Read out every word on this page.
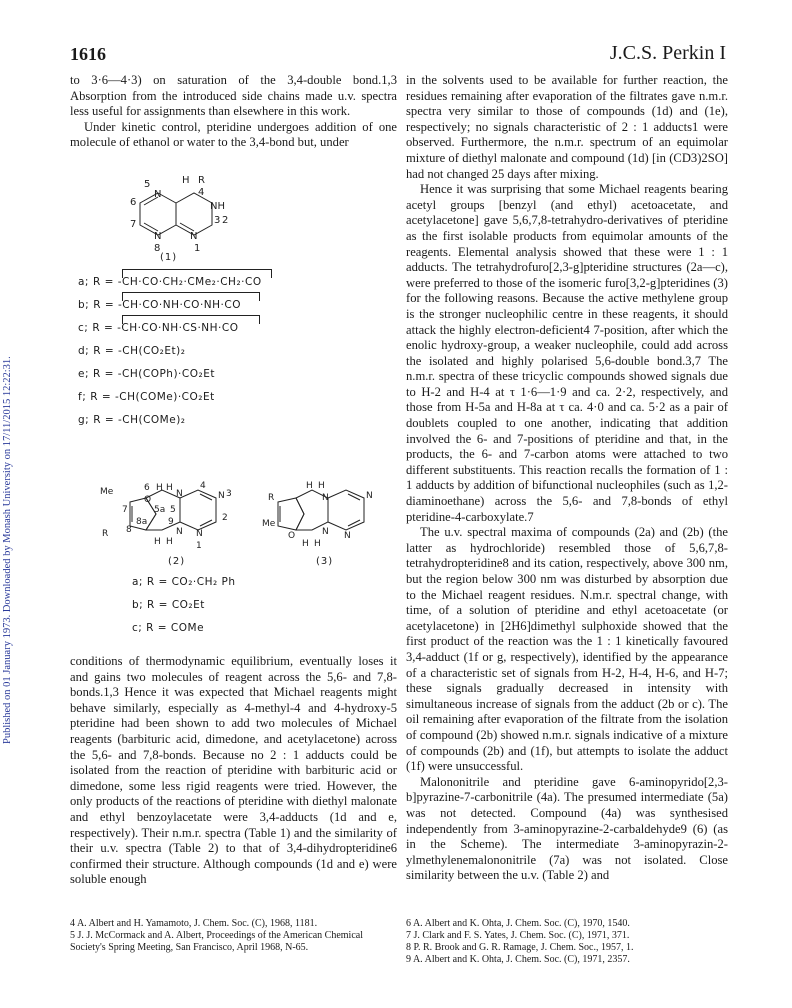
1616	J.C.S. Perkin I
Published on 01 January 1973. Downloaded by Monash University on 17/11/2015 12:22:31.

to 3·6—4·3) on saturation of the 3,4-double bond.1,3 Absorption from the introduced side chains made u.v. spectra less useful for assignments than elsewhere in this work.

Under kinetic control, pteridine undergoes addition of one molecule of ethanol or water to the 3,4-bond but, under

H R
5
N	4
NH
6
3 2
7
N	N
8	1
(1)
a; R = -CH·CO·CH₂·CMe₂·CH₂·CO
b; R = -CH·CO·NH·CO·NH·CO
c; R = -CH·CO·NH·CS·NH·CO
d; R = -CH(CO₂Et)₂
e; R = -CH(COPh)·CO₂Et
f; R = -CH(COMe)·CO₂Et
g; R = -CH(COMe)₂
Me	6 H H
O
N
4
N 3
7	5a 5
8a 9	2
R 8	N N
H H	1
(2)
R
H H
N	N
Me
O	N N
H H
(3)
a; R = CO₂·CH₂ Ph
b; R = CO₂Et
c; R = COMe

conditions of thermodynamic equilibrium, eventually loses it and gains two molecules of reagent across the 5,6- and 7,8-bonds.1,3 Hence it was expected that Michael reagents might behave similarly, especially as 4-methyl-4 and 4-hydroxy-5 pteridine had been shown to add two molecules of Michael reagents (barbituric acid, dimedone, and acetylacetone) across the 5,6- and 7,8-bonds. Because no 2 : 1 adducts could be isolated from the reaction of pteridine with barbituric acid or dimedone, some less rigid reagents were tried. However, the only products of the reactions of pteridine with diethyl malonate and ethyl benzoylacetate were 3,4-adducts (1d and e, respectively). Their n.m.r. spectra (Table 1) and the similarity of their u.v. spectra (Table 2) to that of 3,4-dihydropteridine6 confirmed their structure. Although compounds (1d and e) were soluble enough

in the solvents used to be available for further reaction, the residues remaining after evaporation of the filtrates gave n.m.r. spectra very similar to those of compounds (1d) and (1e), respectively; no signals characteristic of 2 : 1 adducts1 were observed. Furthermore, the n.m.r. spectrum of an equimolar mixture of diethyl malonate and compound (1d) [in (CD3)2SO] had not changed 25 days after mixing.

Hence it was surprising that some Michael reagents bearing acetyl groups [benzyl (and ethyl) acetoacetate, and acetylacetone] gave 5,6,7,8-tetrahydro-derivatives of pteridine as the first isolable products from equimolar amounts of the reagents. Elemental analysis showed that these were 1 : 1 adducts. The tetrahydrofuro[2,3-g]pteridine structures (2a—c), were preferred to those of the isomeric furo[3,2-g]pteridines (3) for the following reasons. Because the active methylene group is the stronger nucleophilic centre in these reagents, it should attack the highly electron-deficient4 7-position, after which the enolic hydroxy-group, a weaker nucleophile, could add across the isolated and highly polarised 5,6-double bond.3,7 The n.m.r. spectra of these tricyclic compounds showed signals due to H-2 and H-4 at τ 1·6—1·9 and ca. 2·2, respectively, and those from H-5a and H-8a at τ ca. 4·0 and ca. 5·2 as a pair of doublets coupled to one another, indicating that addition involved the 6- and 7-positions of pteridine and that, in the products, the 6- and 7-carbon atoms were attached to two different substituents. This reaction recalls the formation of 1 : 1 adducts by addition of bifunctional nucleophiles (such as 1,2-diaminoethane) across the 5,6- and 7,8-bonds of ethyl pteridine-4-carboxylate.7

The u.v. spectral maxima of compounds (2a) and (2b) (the latter as hydrochloride) resembled those of 5,6,7,8-tetrahydropteridine8 and its cation, respectively, above 300 nm, but the region below 300 nm was disturbed by absorption due to the Michael reagent residues. N.m.r. spectral change, with time, of a solution of pteridine and ethyl acetoacetate (or acetylacetone) in [2H6]dimethyl sulphoxide showed that the first product of the reaction was the 1 : 1 kinetically favoured 3,4-adduct (1f or g, respectively), identified by the appearance of a characteristic set of signals from H-2, H-4, H-6, and H-7; these signals gradually decreased in intensity with simultaneous increase of signals from the adduct (2b or c). The oil remaining after evaporation of the filtrate from the isolation of compound (2b) showed n.m.r. signals indicative of a mixture of compounds (2b) and (1f), but attempts to isolate the adduct (1f) were unsuccessful.

Malononitrile and pteridine gave 6-aminopyrido[2,3-b]pyrazine-7-carbonitrile (4a). The presumed intermediate (5a) was not detected. Compound (4a) was synthesised independently from 3-aminopyrazine-2-carbaldehyde9 (6) (as in the Scheme). The intermediate 3-aminopyrazin-2-ylmethylenemalononitrile (7a) was not isolated. Close similarity between the u.v. (Table 2) and

4 A. Albert and H. Yamamoto, J. Chem. Soc. (C), 1968, 1181.

5 J. J. McCormack and A. Albert, Proceedings of the American Chemical Society's Spring Meeting, San Francisco, April 1968, N-65.

6 A. Albert and K. Ohta, J. Chem. Soc. (C), 1970, 1540.

7 J. Clark and F. S. Yates, J. Chem. Soc. (C), 1971, 371.

8 P. R. Brook and G. R. Ramage, J. Chem. Soc., 1957, 1.

9 A. Albert and K. Ohta, J. Chem. Soc. (C), 1971, 2357.
